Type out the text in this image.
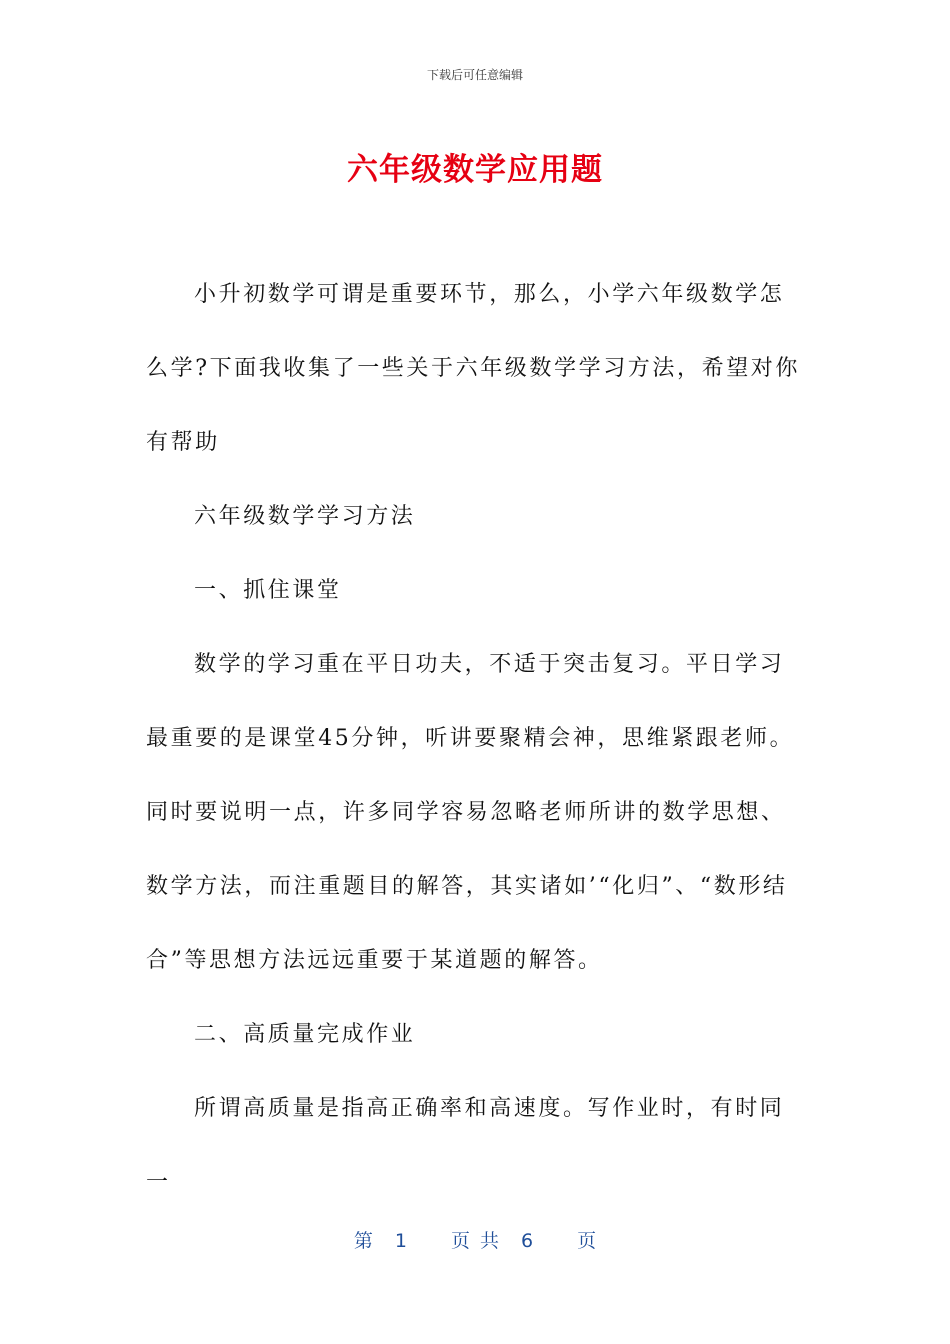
下载后可任意编辑
六年级数学应用题

小升初数学可谓是重要环节，那么，小学六年级数学怎么学?下面我收集了一些关于六年级数学学习方法，希望对你有帮助

六年级数学学习方法

一、抓住课堂

数学的学习重在平日功夫，不适于突击复习。平日学习最重要的是课堂45分钟，听讲要聚精会神，思维紧跟老师。同时要说明一点，许多同学容易忽略老师所讲的数学思想、数学方法，而注重题目的解答，其实诸如’“化归”、“数形结合”等思想方法远远重要于某道题的解答。

二、高质量完成作业

所谓高质量是指高正确率和高速度。写作业时，有时同一

第 1 页 共 6 页
